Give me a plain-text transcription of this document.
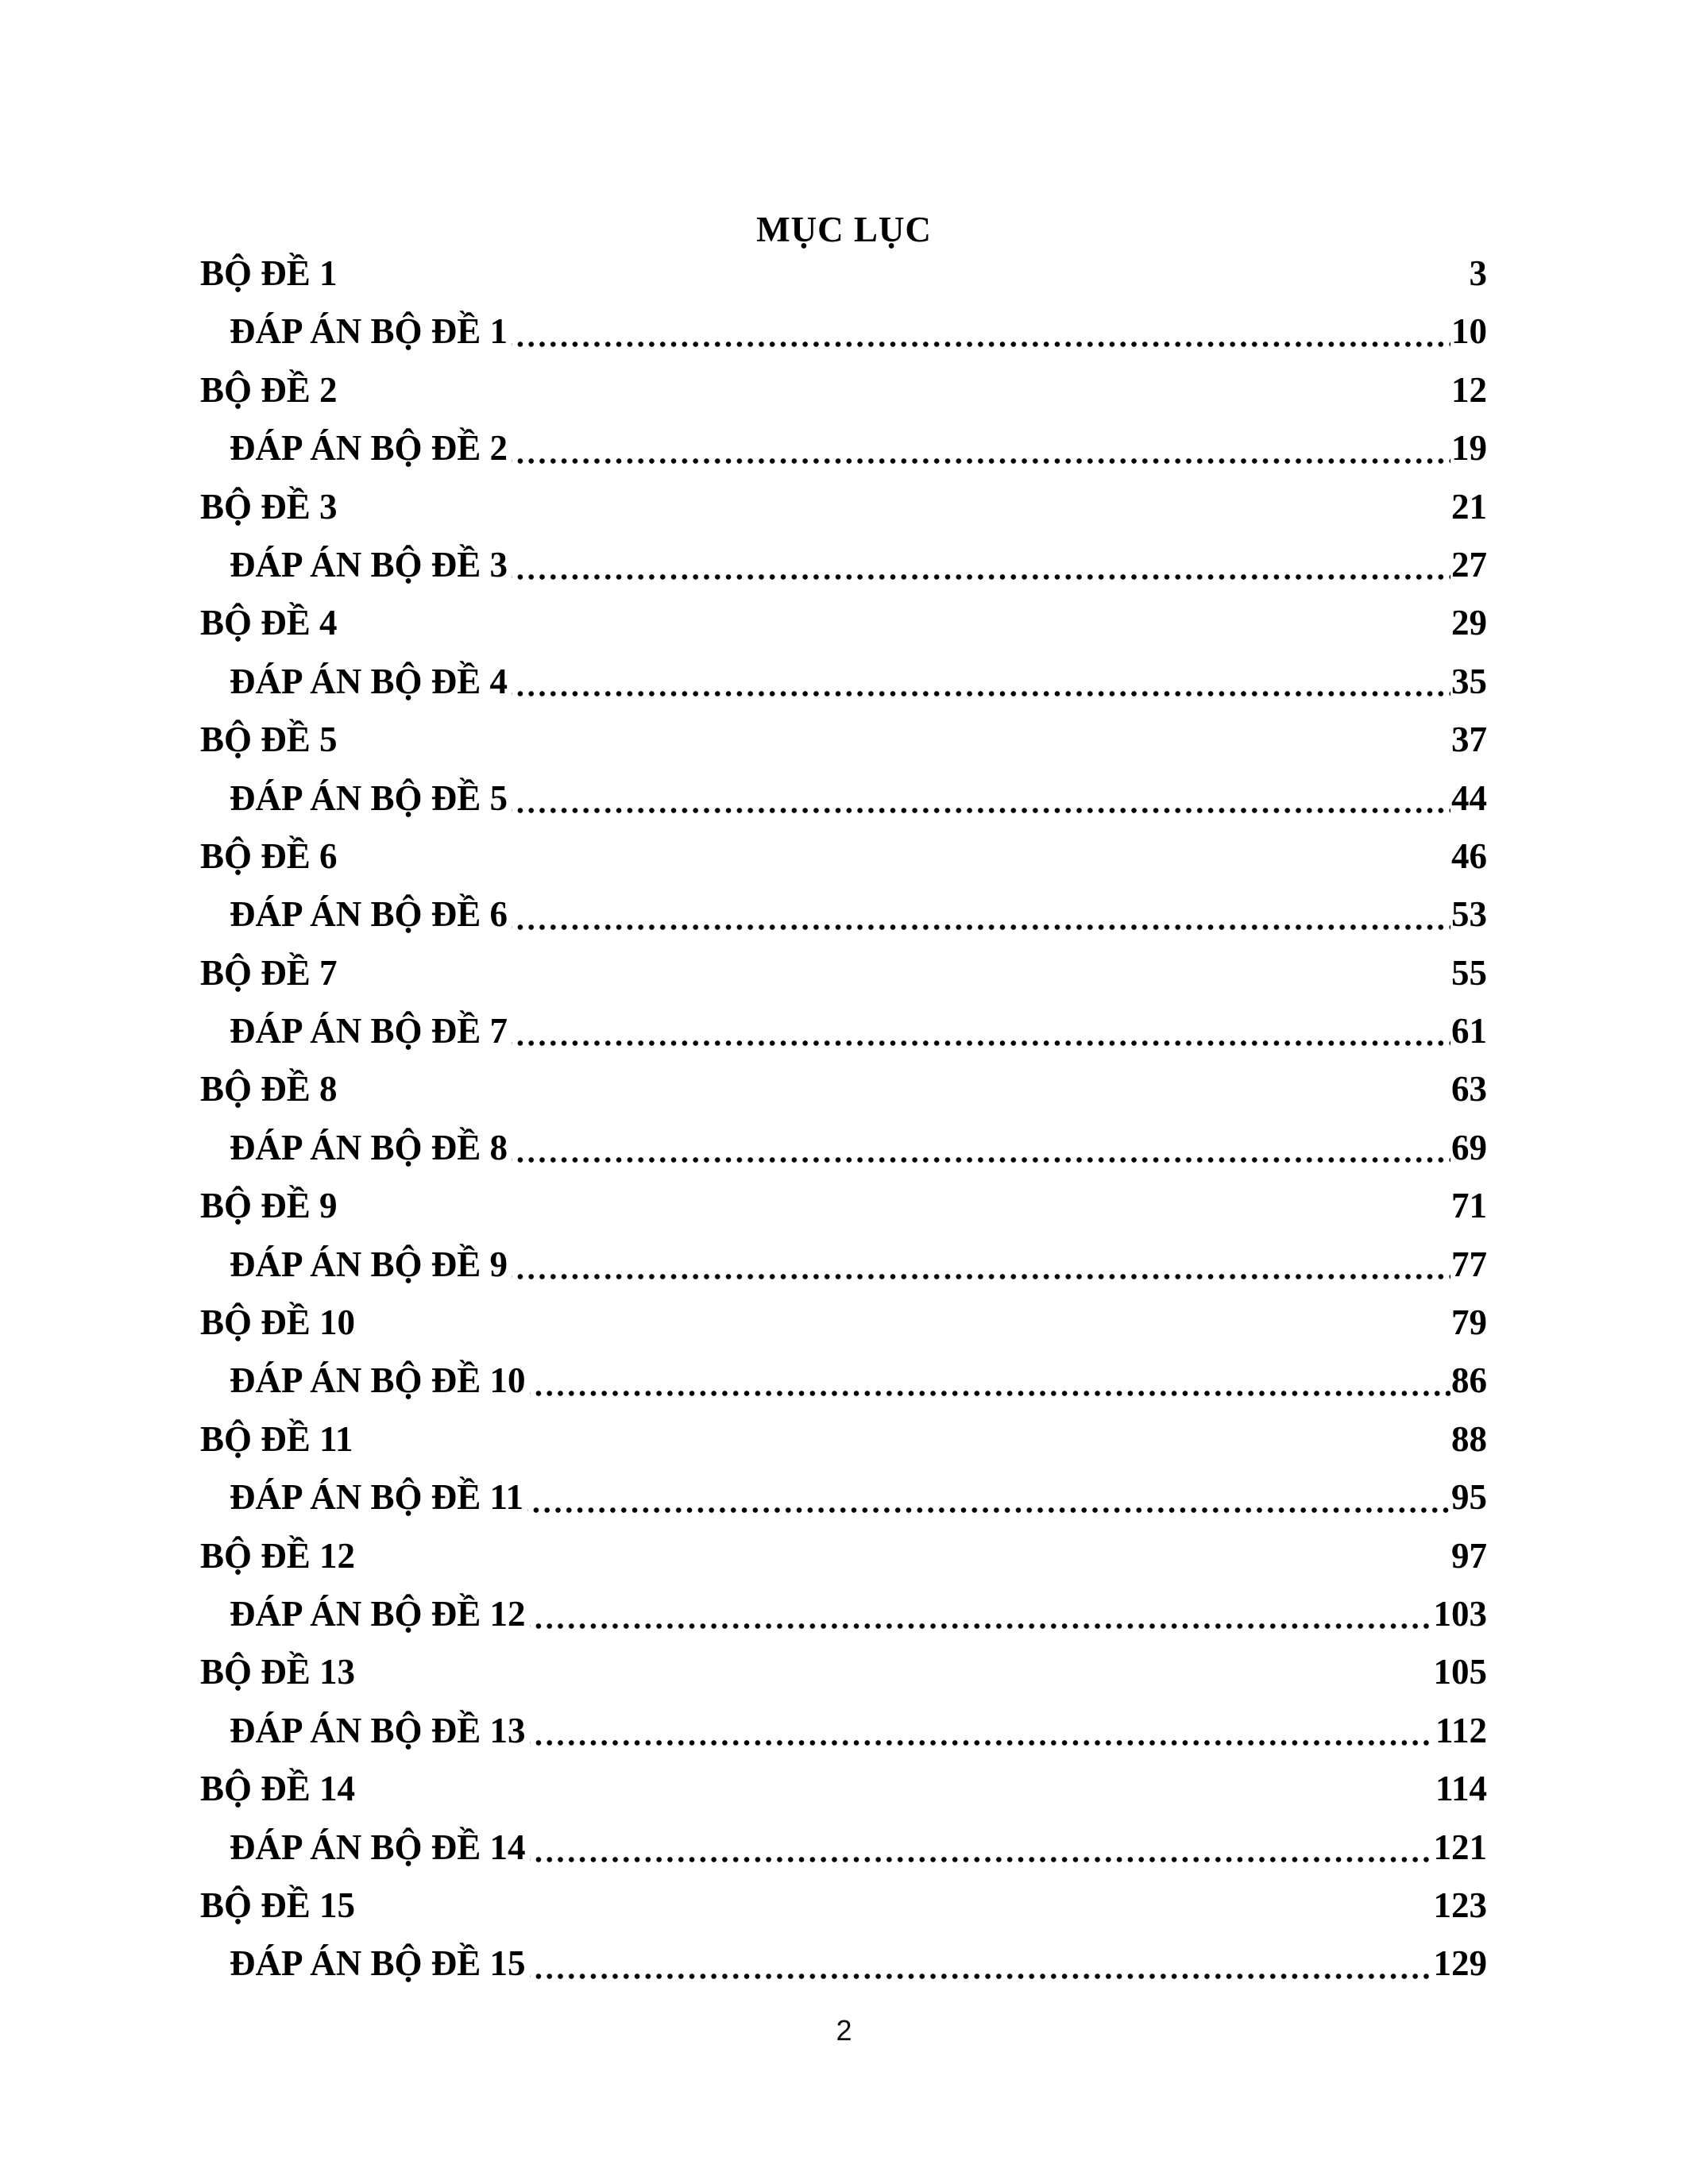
MỤC LỤC
BỘ ĐỀ 1	3
ĐÁP ÁN BỘ ĐỀ 1	10
BỘ ĐỀ 2	12
ĐÁP ÁN BỘ ĐỀ 2	19
BỘ ĐỀ 3	21
ĐÁP ÁN BỘ ĐỀ 3	27
BỘ ĐỀ 4	29
ĐÁP ÁN BỘ ĐỀ 4	35
BỘ ĐỀ 5	37
ĐÁP ÁN BỘ ĐỀ 5	44
BỘ ĐỀ 6	46
ĐÁP ÁN BỘ ĐỀ 6	53
BỘ ĐỀ 7	55
ĐÁP ÁN BỘ ĐỀ 7	61
BỘ ĐỀ 8	63
ĐÁP ÁN BỘ ĐỀ 8	69
BỘ ĐỀ 9	71
ĐÁP ÁN BỘ ĐỀ 9	77
BỘ ĐỀ 10	79
ĐÁP ÁN BỘ ĐỀ 10	86
BỘ ĐỀ 11	88
ĐÁP ÁN BỘ ĐỀ 11	95
BỘ ĐỀ 12	97
ĐÁP ÁN BỘ ĐỀ 12	103
BỘ ĐỀ 13	105
ĐÁP ÁN BỘ ĐỀ 13	112
BỘ ĐỀ 14	114
ĐÁP ÁN BỘ ĐỀ 14	121
BỘ ĐỀ 15	123
ĐÁP ÁN BỘ ĐỀ 15	129
2
